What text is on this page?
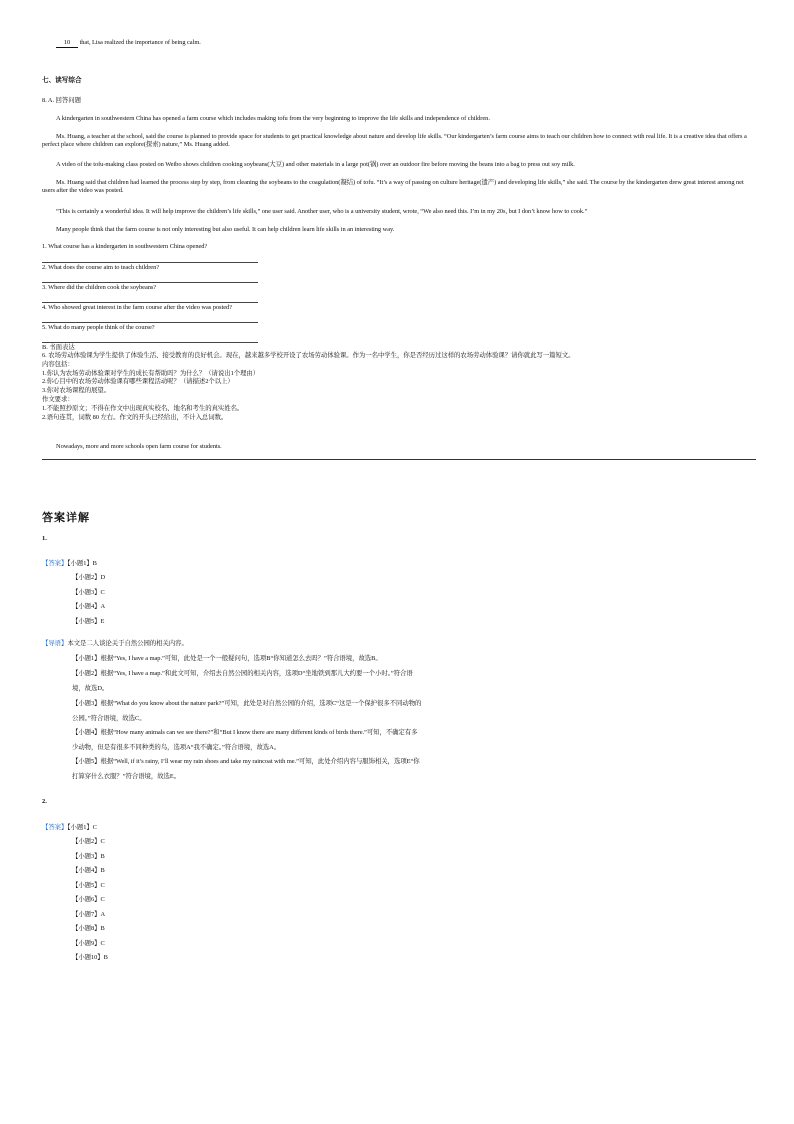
10 that, Lisa realized the importance of being calm.
七、读写综合
8. A. 回答问题
A kindergarten in southwestern China has opened a farm course which includes making tofu from the very beginning to improve the life skills and independence of children.
Ms. Huang, a teacher at the school, said the course is planned to provide space for students to get practical knowledge about nature and develop life skills. “Our kindergarten’s farm course aims to teach our children how to connect with real life. It is a creative idea that offers a perfect place where children can explore(探索) nature,” Ms. Huang added.
A video of the tofu-making class posted on Weibo shows children cooking soybeans(大豆) and other materials in a large pot(锅) over an outdoor fire before moving the beans into a bag to press out soy milk.
Ms. Huang said that children had learned the process step by step, from cleaning the soybeans to the coagulation(凝结) of tofu. “It’s a way of passing on culture heritage(遗产) and developing life skills,” she said. The course by the kindergarten drew great interest among net users after the video was posted.
“This is certainly a wonderful idea. It will help improve the children’s life skills,” one user said. Another user, who is a university student, wrote, “We also need this. I’m in my 20s, but I don’t know how to cook.”
Many people think that the farm course is not only interesting but also useful. It can help children learn life skills in an interesting way.
1. What course has a kindergarten in southwestern China opened?
2. What does the course aim to teach children?
3. Where did the children cook the soybeans?
4. Who showed great interest in the farm course after the video was posted?
5. What do many people think of the course?
B. 书面表达
6. 农场劳动体验课为学生提供了体验生活、接受教育的良好机会。现在，越来越多学校开设了农场劳动体验课。作为一名中学生，你是否经历过这样的农场劳动体验课？请你就此写一篇短文。
内容包括：
1.你认为农场劳动体验课对学生的成长有帮助吗？为什么？（请说出1个理由）
2.你心目中的农场劳动体验课有哪些课程活动呢？（请描述2个以上）
3.你对农场课程的展望。
作文要求：
1.不能照抄原文；不得在作文中出现真实校名、地名和考生的真实姓名。
2.语句连贯，词数 80 左右。作文的开头已经给出，不计入总词数。
Nowadays, more and more schools open farm course for students.
答案详解
1.
【答案】【小题1】B
【小题2】D
【小题3】C
【小题4】A
【小题5】E
【导语】本文是二人谈论关于自然公园的相关内容。
【小题1】根据“Yes, I have a map.”可知，此处是一个一般疑问句，选项B“你知道怎么去吗？”符合语境，故选B。
【小题2】根据“Yes, I have a map.”和此文可知，介绍去自然公园的相关内容，选项D“坐地铁到那儿大约要一个小时。”符合语
境，故选D。
【小题3】根据“What do you know about the nature park?”可知，此处是对自然公园的介绍，选项C“这是一个保护很多不同动物的
公园。”符合语境，故选C。
【小题4】根据“How many animals can we see there?”和“But I know there are many different kinds of birds there.”可知，不确定有多
少动物，但是有很多不同种类的鸟，选项A“我不确定。”符合语境，故选A。
【小题5】根据“Well, if it’s rainy, I’ll wear my rain shoes and take my raincoat with me.”可知，此处介绍内容与服饰相关，选项E“你
打算穿什么衣服？”符合语境，故选E。
2.
【答案】【小题1】C
【小题2】C
【小题3】B
【小题4】B
【小题5】C
【小题6】C
【小题7】A
【小题8】B
【小题9】C
【小题10】B
